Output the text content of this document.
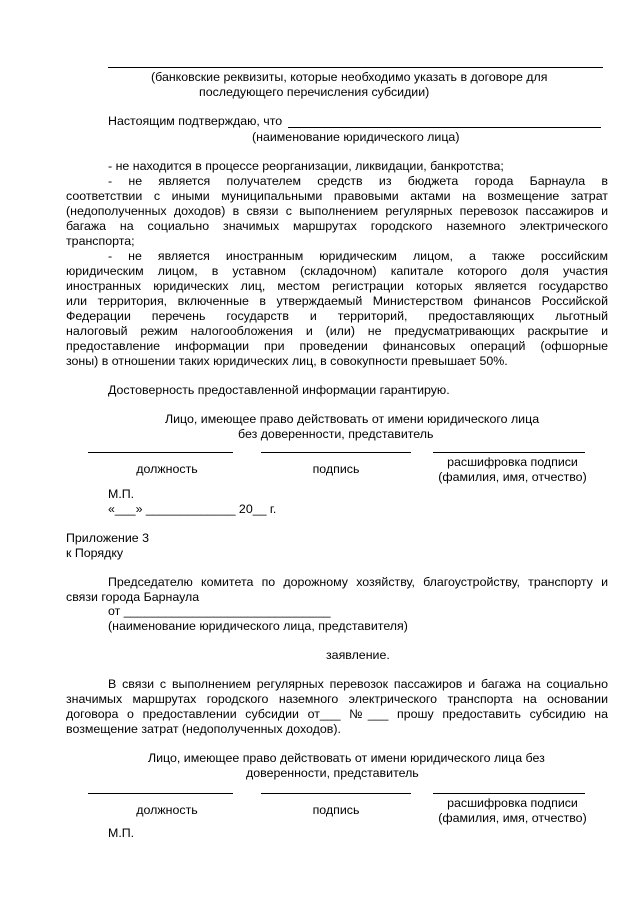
(банковские реквизиты, которые необходимо указать в договоре для
последующего перечисления субсидии)
Настоящим подтверждаю, что
(наименование юридического лица)
- не находится в процессе реорганизации, ликвидации, банкротства;
- не является получателем средств из бюджета города Барнаула в
соответствии с иными муниципальными правовыми актами на возмещение затрат
(недополученных доходов) в связи с выполнением регулярных перевозок пассажиров и
багажа на социально значимых маршрутах городского наземного электрического
транспорта;
- не является иностранным юридическим лицом, а также российским
юридическим лицом, в уставном (складочном) капитале которого доля участия
иностранных юридических лиц, местом регистрации которых является государство
или территория, включенные в утверждаемый Министерством финансов Российской
Федерации перечень государств и территорий, предоставляющих льготный
налоговый режим налогообложения и (или) не предусматривающих раскрытие и
предоставление информации при проведении финансовых операций (офшорные
зоны) в отношении таких юридических лиц, в совокупности превышает 50%.
Достоверность предоставленной информации гарантирую.
Лицо, имеющее право действовать от имени юридического лица
без доверенности, представитель
должность	подпись	расшифровка подписи
(фамилия, имя, отчество)
М.П.
«___» _____________ 20__ г.
Приложение 3
к Порядку
Председателю комитета по дорожному хозяйству, благоустройству, транспорту и
связи города Барнаула
от ______________________________
(наименование юридического лица, представителя)
заявление.
В связи с выполнением регулярных перевозок пассажиров и багажа на социально
значимых маршрутах городского наземного электрического транспорта на основании
договора о предоставлении субсидии от___ №___ прошу предоставить субсидию на
возмещение затрат (недополученных доходов).
Лицо, имеющее право действовать от имени юридического лица без
доверенности, представитель
должность	подпись	расшифровка подписи
(фамилия, имя, отчество)
М.П.
